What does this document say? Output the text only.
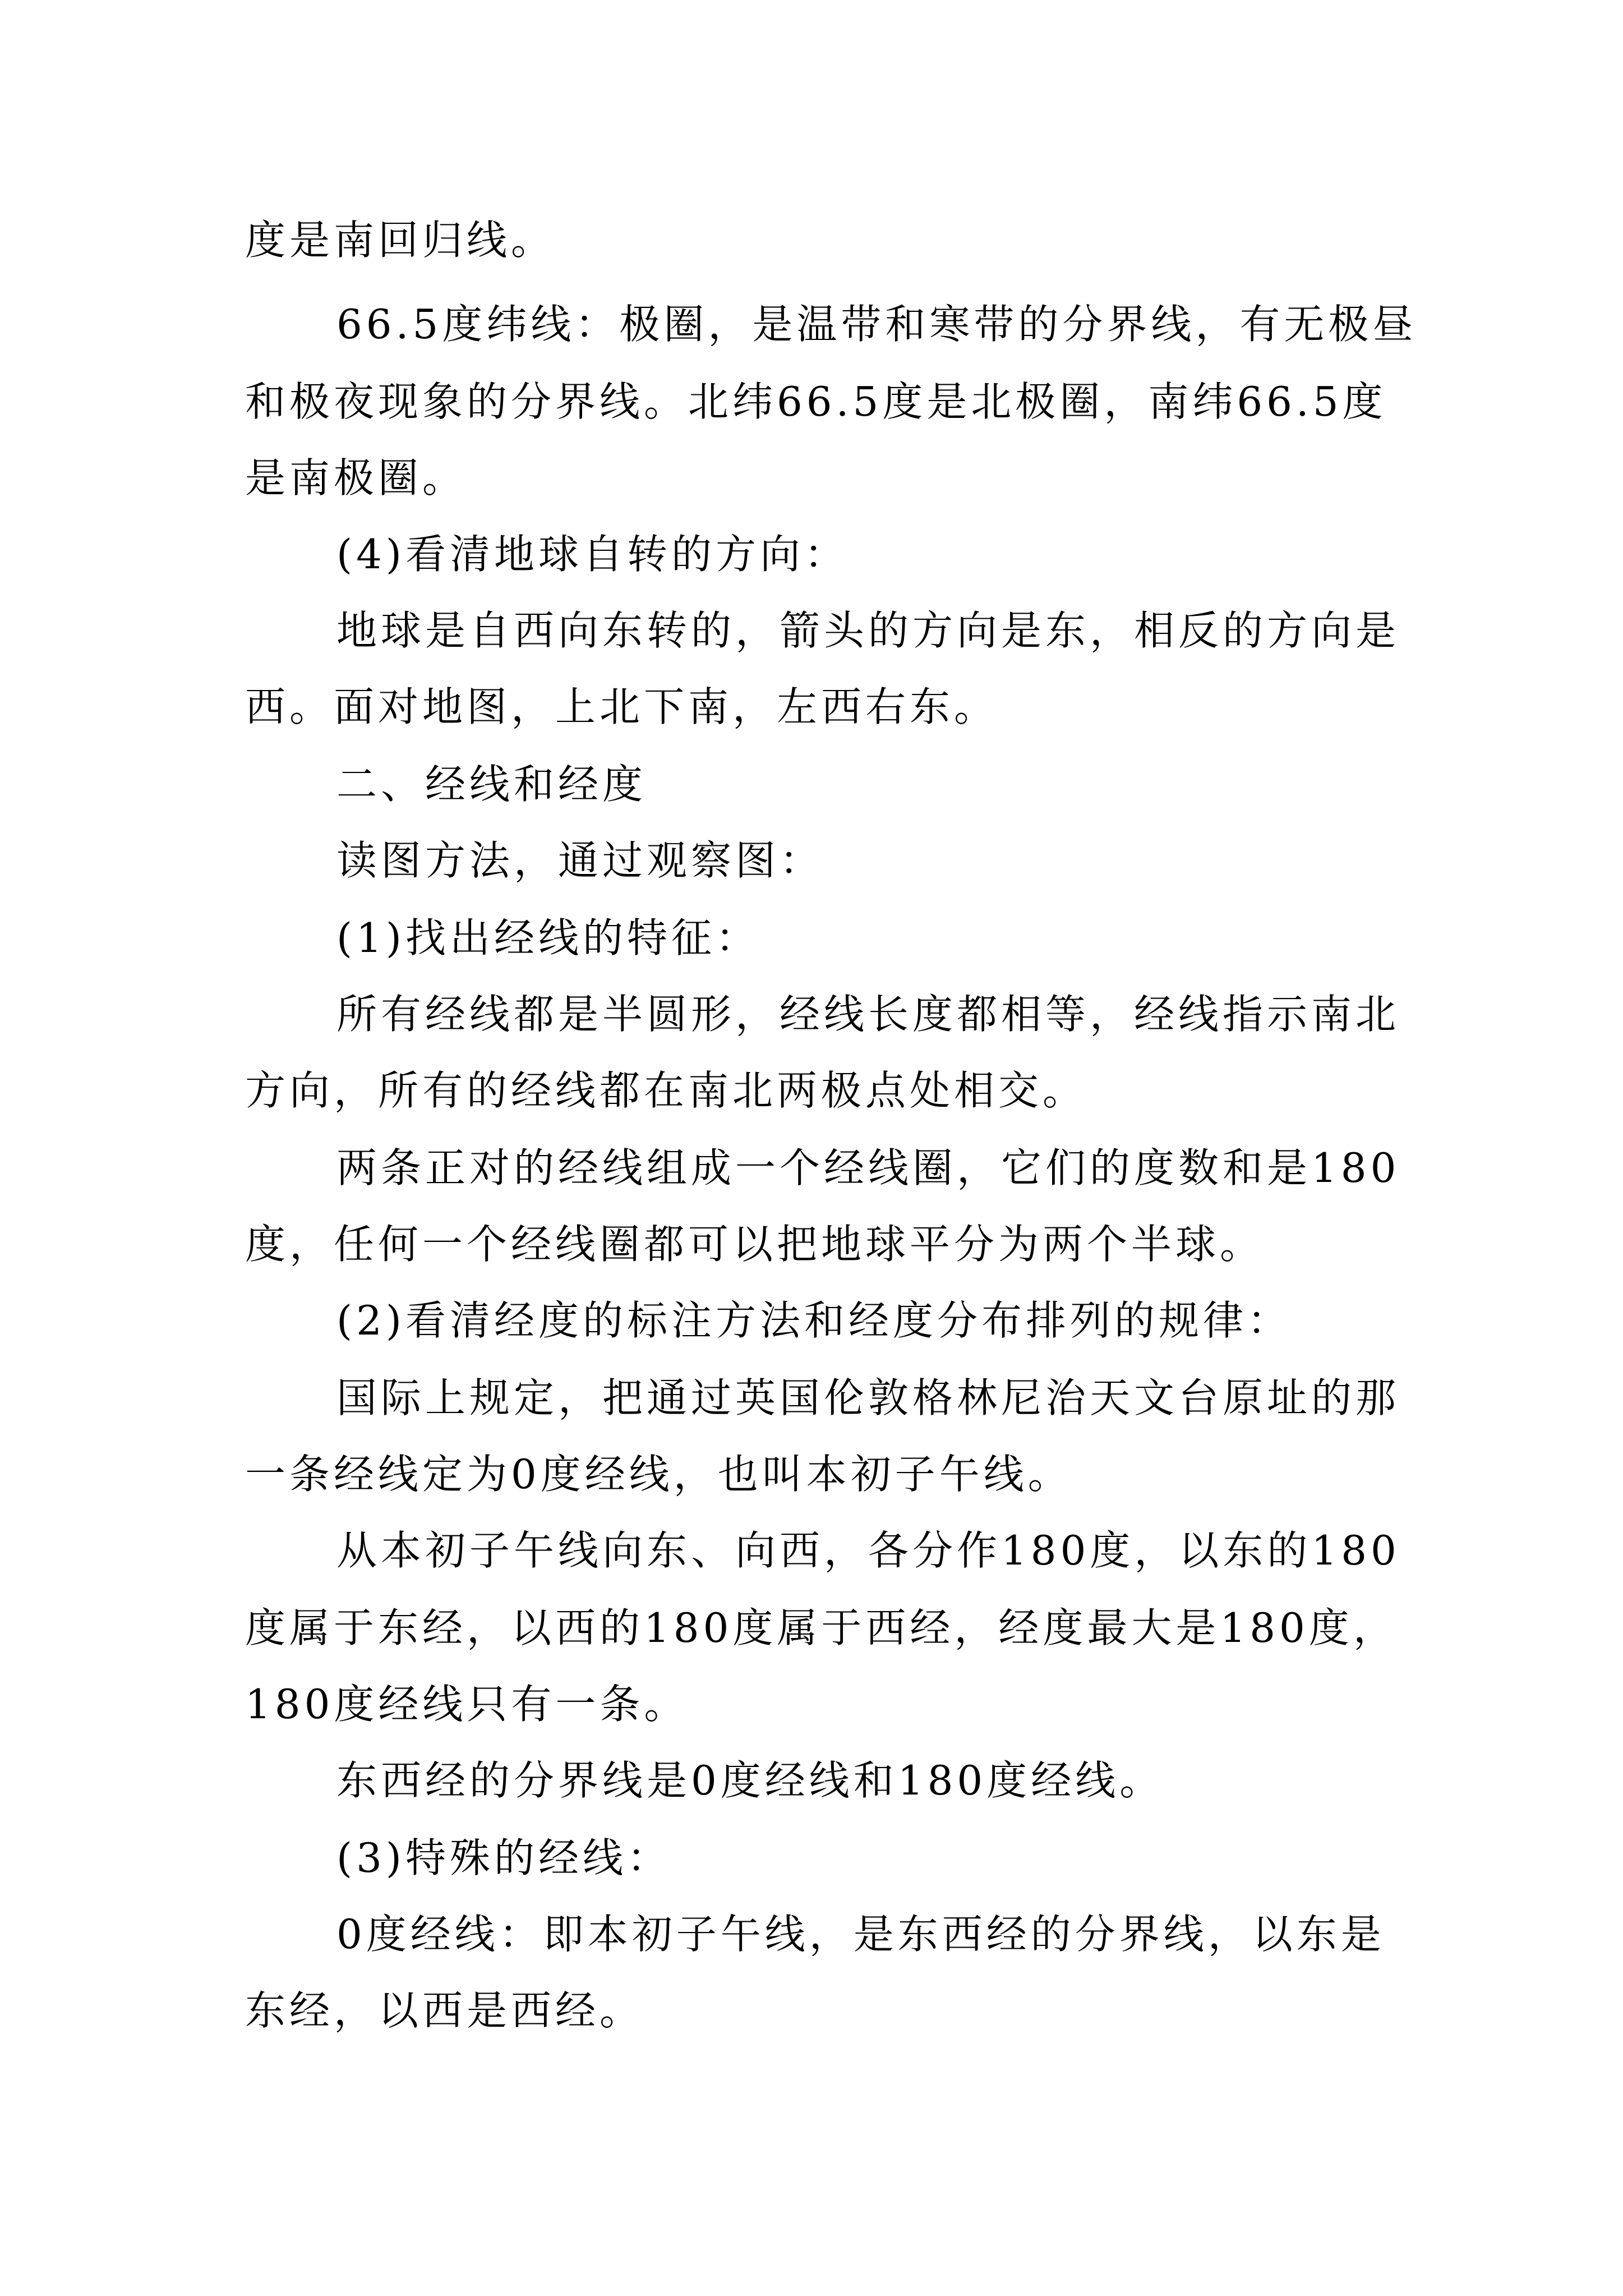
度是南回归线。
66.5度纬线：极圈，是温带和寒带的分界线，有无极昼
和极夜现象的分界线。北纬66.5度是北极圈，南纬66.5度
是南极圈。
(4)看清地球自转的方向：
地球是自西向东转的，箭头的方向是东，相反的方向是
西。面对地图，上北下南，左西右东。
二、经线和经度
读图方法，通过观察图：
(1)找出经线的特征：
所有经线都是半圆形，经线长度都相等，经线指示南北
方向，所有的经线都在南北两极点处相交。
两条正对的经线组成一个经线圈，它们的度数和是180
度，任何一个经线圈都可以把地球平分为两个半球。
(2)看清经度的标注方法和经度分布排列的规律：
国际上规定，把通过英国伦敦格林尼治天文台原址的那
一条经线定为0度经线，也叫本初子午线。
从本初子午线向东、向西，各分作180度，以东的180
度属于东经，以西的180度属于西经，经度最大是180度，
180度经线只有一条。
东西经的分界线是0度经线和180度经线。
(3)特殊的经线：
0度经线：即本初子午线，是东西经的分界线，以东是
东经，以西是西经。
